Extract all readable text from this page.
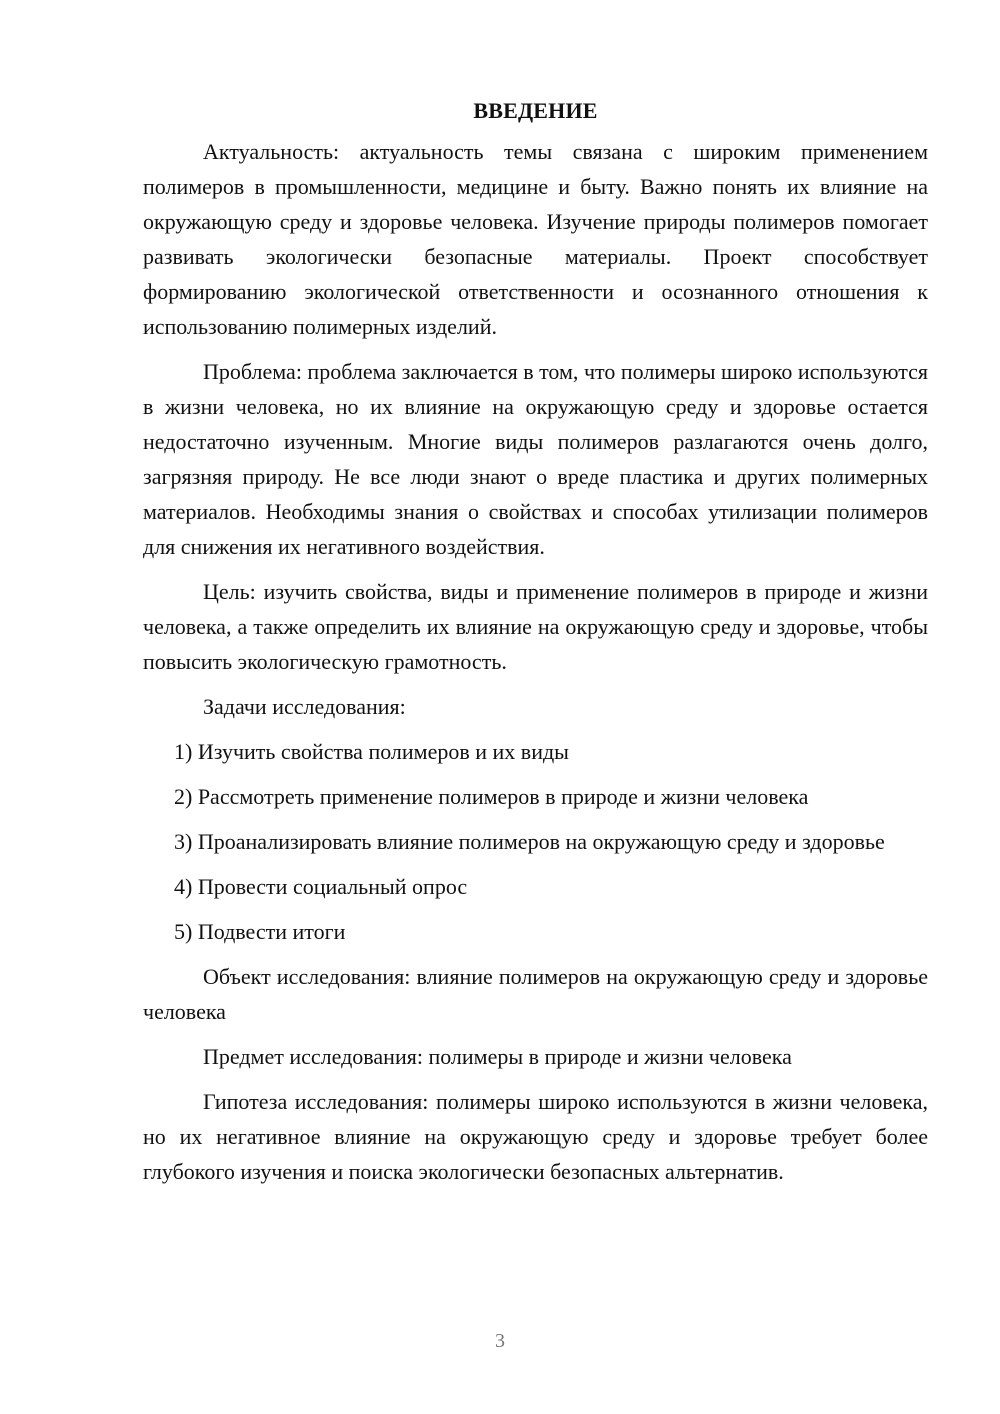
ВВЕДЕНИЕ

Актуальность: актуальность темы связана с широким применением полимеров в промышленности, медицине и быту. Важно понять их влияние на окружающую среду и здоровье человека. Изучение природы полимеров помогает развивать экологически безопасные материалы. Проект способствует формированию экологической ответственности и осознанного отношения к использованию полимерных изделий.

Проблема: проблема заключается в том, что полимеры широко используются в жизни человека, но их влияние на окружающую среду и здоровье остается недостаточно изученным. Многие виды полимеров разлагаются очень долго, загрязняя природу. Не все люди знают о вреде пластика и других полимерных материалов. Необходимы знания о свойствах и способах утилизации полимеров для снижения их негативного воздействия.

Цель: изучить свойства, виды и применение полимеров в природе и жизни человека, а также определить их влияние на окружающую среду и здоровье, чтобы повысить экологическую грамотность.

Задачи исследования:

1) Изучить свойства полимеров и их виды

2) Рассмотреть применение полимеров в природе и жизни человека

3) Проанализировать влияние полимеров на окружающую среду и здоровье

4) Провести социальный опрос

5) Подвести итоги

Объект исследования: влияние полимеров на окружающую среду и здоровье человека

Предмет исследования: полимеры в природе и жизни человека

Гипотеза исследования: полимеры широко используются в жизни человека, но их негативное влияние на окружающую среду и здоровье требует более глубокого изучения и поиска экологически безопасных альтернатив.

3
